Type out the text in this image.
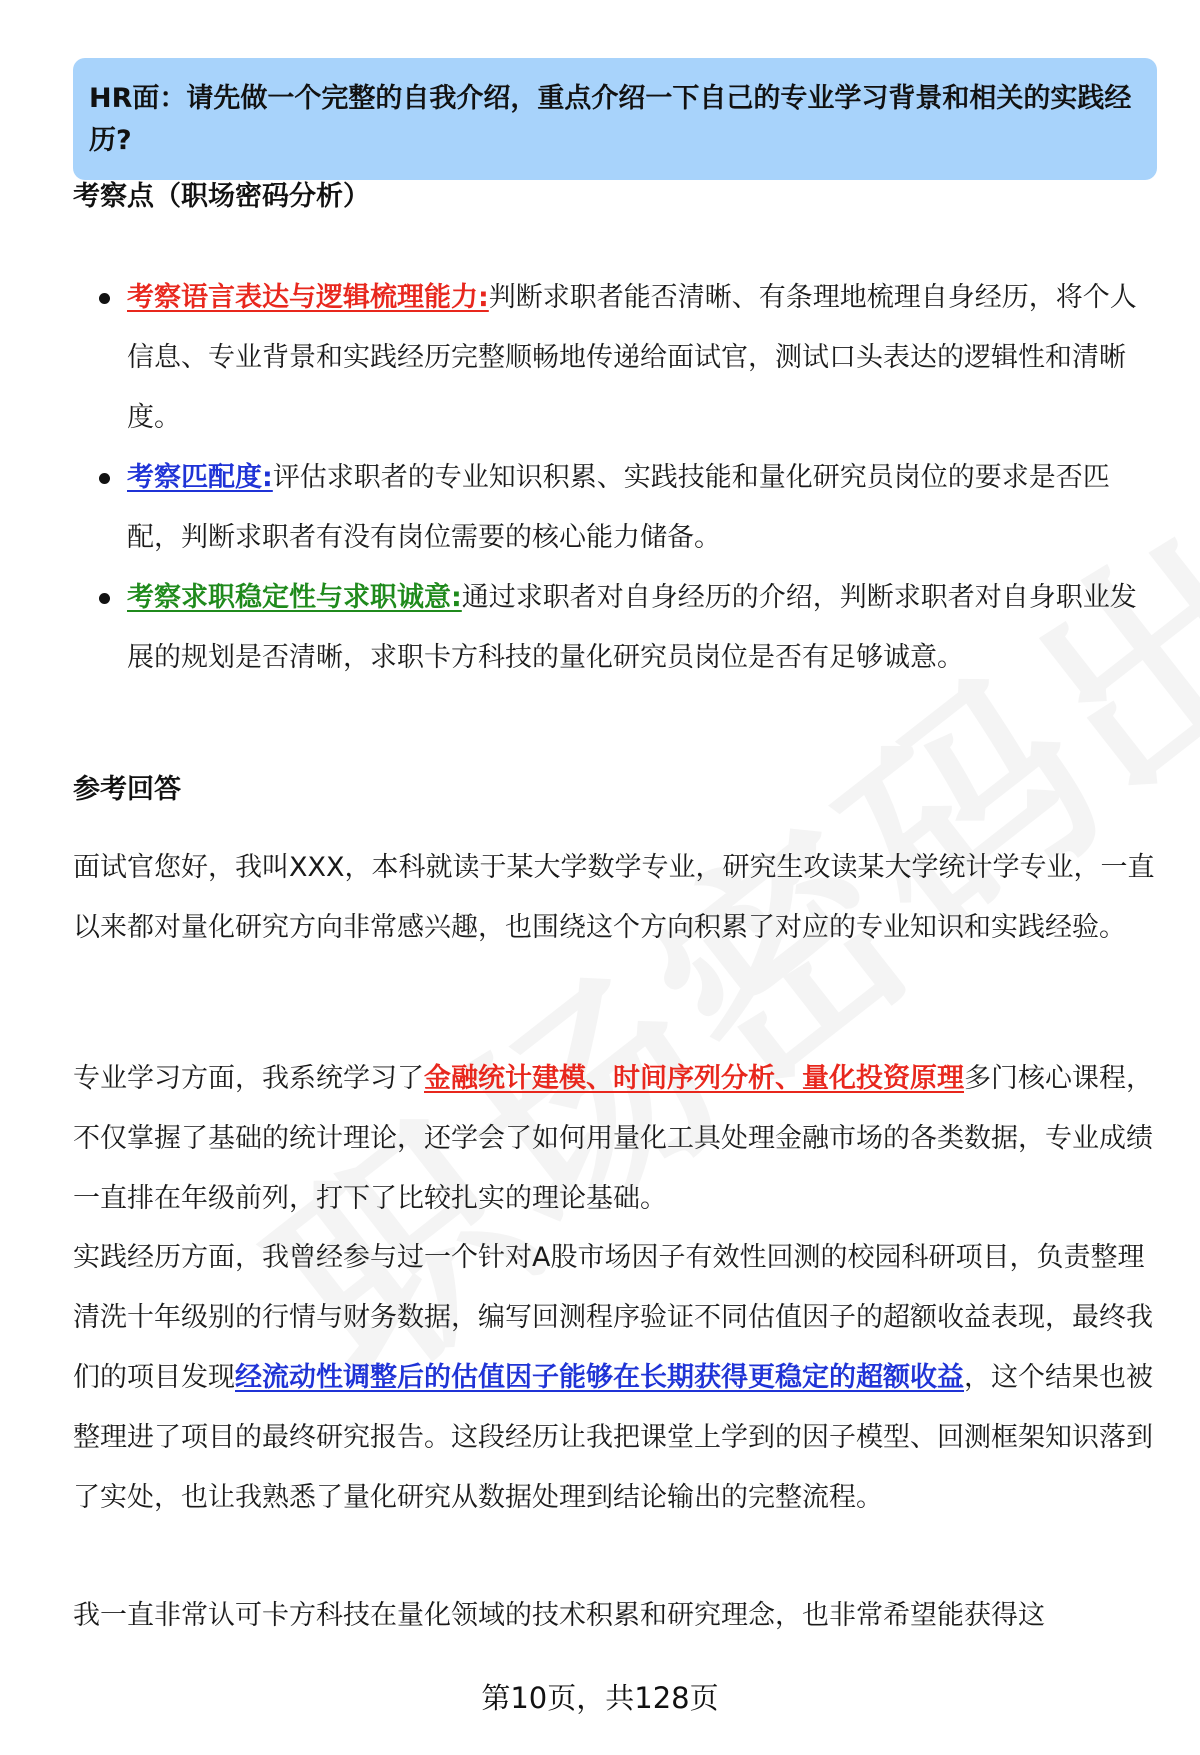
HR面：请先做一个完整的自我介绍，重点介绍一下自己的专业学习背景和相关的实践经历?
考察点（职场密码分析）
考察语言表达与逻辑梳理能力:判断求职者能否清晰、有条理地梳理自身经历，将个人信息、专业背景和实践经历完整顺畅地传递给面试官，测试口头表达的逻辑性和清晰度。
考察匹配度:评估求职者的专业知识积累、实践技能和量化研究员岗位的要求是否匹配，判断求职者有没有岗位需要的核心能力储备。
考察求职稳定性与求职诚意:通过求职者对自身经历的介绍，判断求职者对自身职业发展的规划是否清晰，求职卡方科技的量化研究员岗位是否有足够诚意。
参考回答

面试官您好，我叫XXX，本科就读于某大学数学专业，研究生攻读某大学统计学专业，一直以来都对量化研究方向非常感兴趣，也围绕这个方向积累了对应的专业知识和实践经验。

专业学习方面，我系统学习了金融统计建模、时间序列分析、量化投资原理多门核心课程，不仅掌握了基础的统计理论，还学会了如何用量化工具处理金融市场的各类数据，专业成绩一直排在年级前列，打下了比较扎实的理论基础。

实践经历方面，我曾经参与过一个针对A股市场因子有效性回测的校园科研项目，负责整理清洗十年级别的行情与财务数据，编写回测程序验证不同估值因子的超额收益表现，最终我们的项目发现经流动性调整后的估值因子能够在长期获得更稳定的超额收益，这个结果也被整理进了项目的最终研究报告。这段经历让我把课堂上学到的因子模型、回测框架知识落到了实处，也让我熟悉了量化研究从数据处理到结论输出的完整流程。

我一直非常认可卡方科技在量化领域的技术积累和研究理念，也非常希望能获得这

第10页，共128页
